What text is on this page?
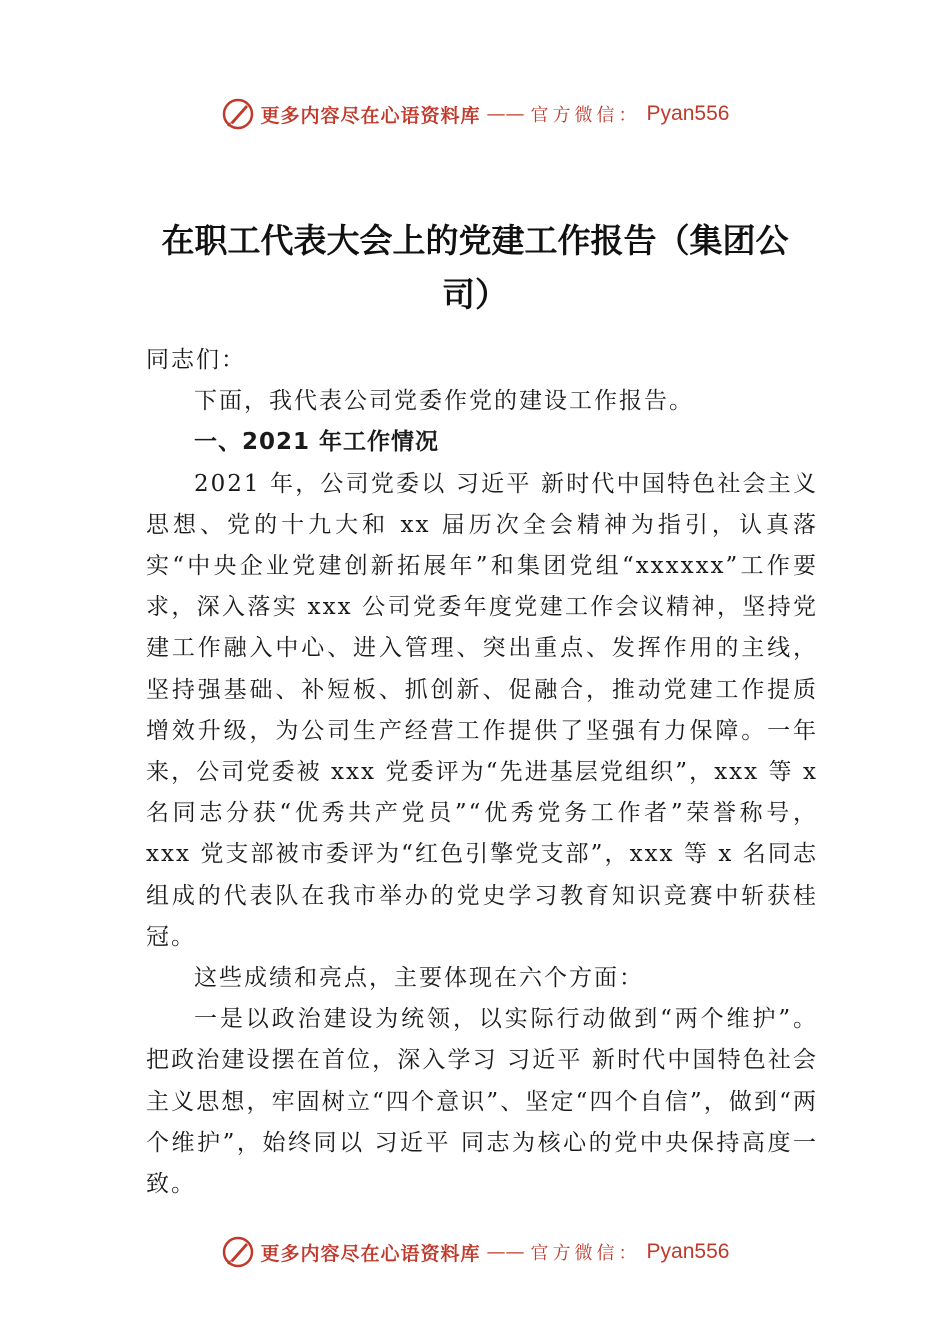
更多内容尽在心语资料库 —— 官方微信： Pyan556
在职工代表大会上的党建工作报告（集团公司）

同志们：

下面，我代表公司党委作党的建设工作报告。

一、2021 年工作情况

2021 年，公司党委以 习近平 新时代中国特色社会主义思想、党的十九大和 xx 届历次全会精神为指引，认真落实“中央企业党建创新拓展年”和集团党组“xxxxxx”工作要求，深入落实 xxx 公司党委年度党建工作会议精神，坚持党建工作融入中心、进入管理、突出重点、发挥作用的主线，坚持强基础、补短板、抓创新、促融合，推动党建工作提质增效升级，为公司生产经营工作提供了坚强有力保障。一年来，公司党委被 xxx 党委评为“先进基层党组织”，xxx 等 x 名同志分获“优秀共产党员”“优秀党务工作者”荣誉称号，xxx 党支部被市委评为“红色引擎党支部”，xxx 等 x 名同志组成的代表队在我市举办的党史学习教育知识竞赛中斩获桂冠。

这些成绩和亮点，主要体现在六个方面：

一是以政治建设为统领，以实际行动做到“两个维护”。把政治建设摆在首位，深入学习 习近平 新时代中国特色社会主义思想，牢固树立“四个意识”、坚定“四个自信”，做到“两个维护”，始终同以 习近平 同志为核心的党中央保持高度一致。

更多内容尽在心语资料库 —— 官方微信： Pyan556
